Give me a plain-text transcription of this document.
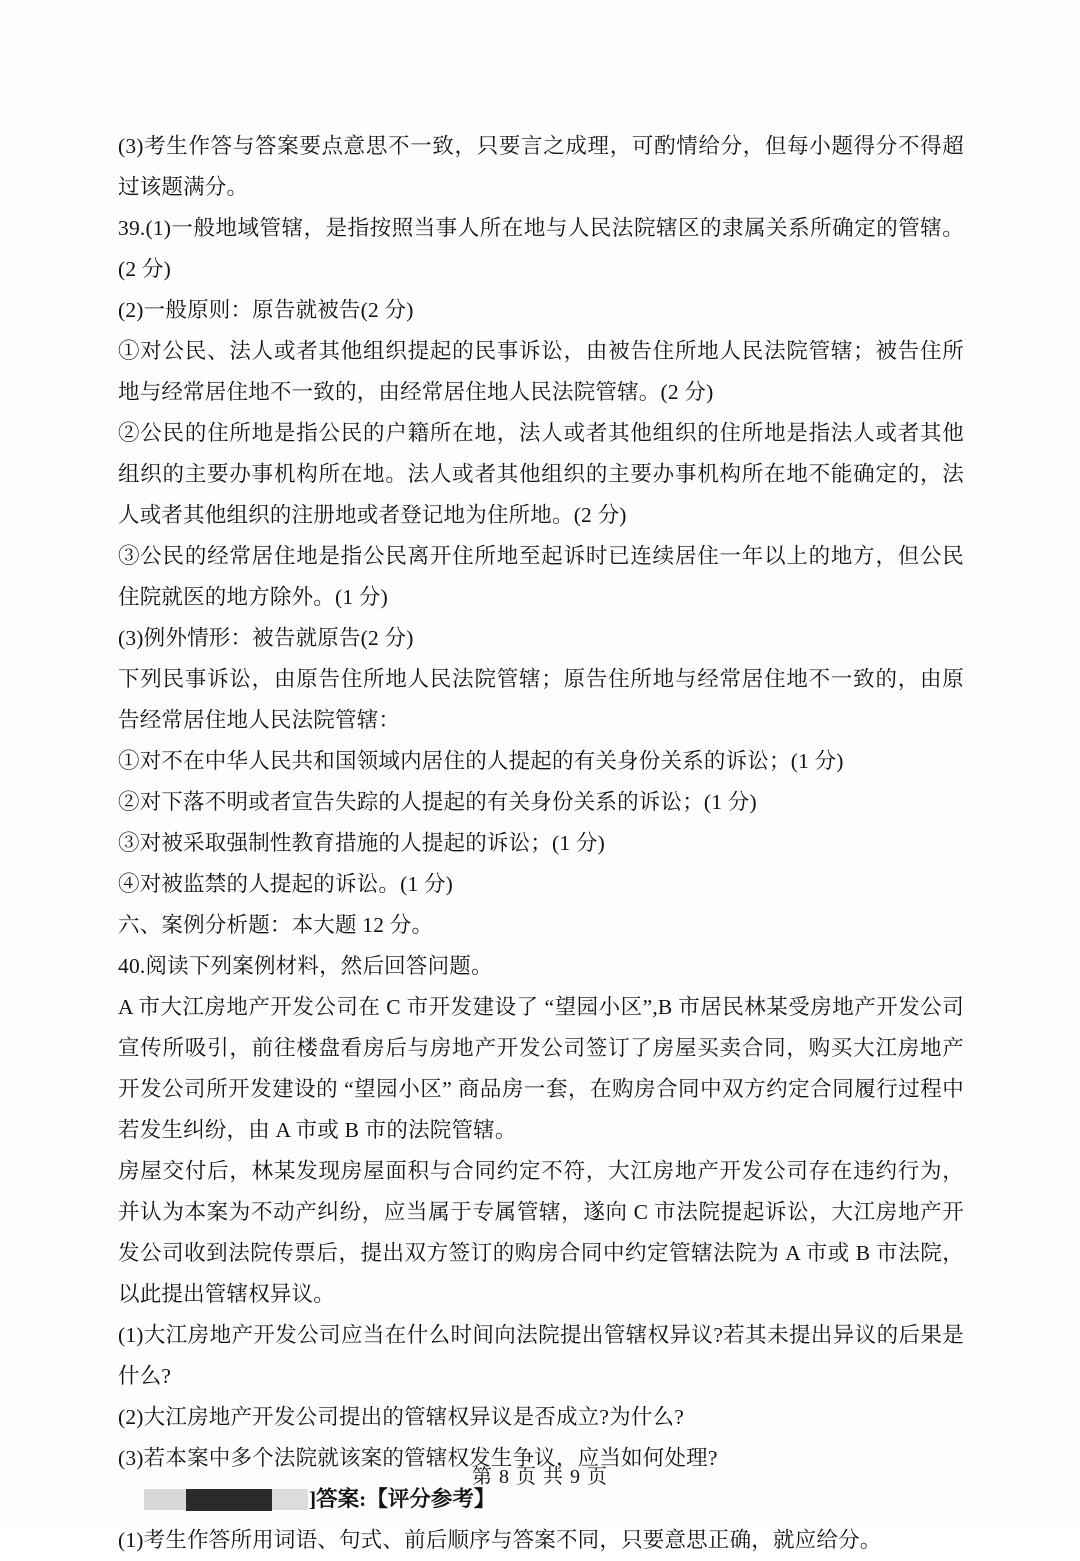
(3)考生作答与答案要点意思不一致，只要言之成理，可酌情给分，但每小题得分不得超过该题满分。

39.(1)一般地域管辖，是指按照当事人所在地与人民法院辖区的隶属关系所确定的管辖。(2 分)

(2)一般原则：原告就被告(2 分)

①对公民、法人或者其他组织提起的民事诉讼，由被告住所地人民法院管辖；被告住所地与经常居住地不一致的，由经常居住地人民法院管辖。(2 分)

②公民的住所地是指公民的户籍所在地，法人或者其他组织的住所地是指法人或者其他组织的主要办事机构所在地。法人或者其他组织的主要办事机构所在地不能确定的，法人或者其他组织的注册地或者登记地为住所地。(2 分)

③公民的经常居住地是指公民离开住所地至起诉时已连续居住一年以上的地方，但公民住院就医的地方除外。(1 分)

(3)例外情形：被告就原告(2 分)

下列民事诉讼，由原告住所地人民法院管辖；原告住所地与经常居住地不一致的，由原告经常居住地人民法院管辖：

①对不在中华人民共和国领域内居住的人提起的有关身份关系的诉讼；(1 分)

②对下落不明或者宣告失踪的人提起的有关身份关系的诉讼；(1 分)

③对被采取强制性教育措施的人提起的诉讼；(1 分)

④对被监禁的人提起的诉讼。(1 分)

六、案例分析题：本大题 12 分。

40.阅读下列案例材料，然后回答问题。

A 市大江房地产开发公司在 C 市开发建设了 “望园小区”,B 市居民林某受房地产开发公司宣传所吸引，前往楼盘看房后与房地产开发公司签订了房屋买卖合同，购买大江房地产开发公司所开发建设的 “望园小区” 商品房一套，在购房合同中双方约定合同履行过程中若发生纠纷，由 A 市或 B 市的法院管辖。

房屋交付后，林某发现房屋面积与合同约定不符，大江房地产开发公司存在违约行为，并认为本案为不动产纠纷，应当属于专属管辖，遂向 C 市法院提起诉讼，大江房地产开发公司收到法院传票后，提出双方签订的购房合同中约定管辖法院为 A 市或 B 市法院，以此提出管辖权异议。

(1)大江房地产开发公司应当在什么时间向法院提出管辖权异议?若其未提出异议的后果是什么?

(2)大江房地产开发公司提出的管辖权异议是否成立?为什么?

(3)若本案中多个法院就该案的管辖权发生争议，应当如何处理?

]答案:【评分参考】

(1)考生作答所用词语、句式、前后顺序与答案不同，只要意思正确，就应给分。

第 8 页 共 9 页
